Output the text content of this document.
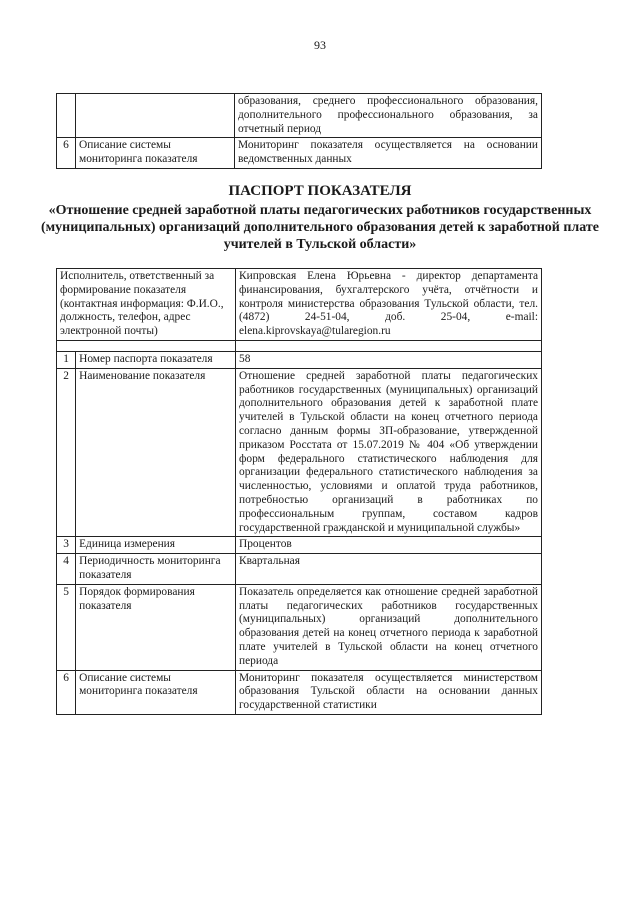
93
		образования, среднего профессионального образования, дополнительного профессионального образования, за отчетный период
6	Описание системы мониторинга показателя	Мониторинг показателя осуществляется на основании ведомственных данных
ПАСПОРТ ПОКАЗАТЕЛЯ
«Отношение средней заработной платы педагогических работников государственных (муниципальных) организаций дополнительного образования детей к заработной плате учителей в Тульской области»
Исполнитель, ответственный за формирование показателя (контактная информация: Ф.И.О., должность, телефон, адрес электронной почты)		Кипровская Елена Юрьевна - директор департамента финансирования, бухгалтерского учёта, отчётности и контроля министерства образования Тульской области, тел. (4872) 24-51-04, доб. 25-04, e-mail: elena.kiprovskaya@tularegion.ru

1	Номер паспорта показателя	58
2	Наименование показателя	Отношение средней заработной платы педагогических работников государственных (муниципальных) организаций дополнительного образования детей к заработной плате учителей в Тульской области на конец отчетного периода согласно данным формы ЗП-образование, утвержденной приказом Росстата от 15.07.2019 № 404 «Об утверждении форм федерального статистического наблюдения для организации федерального статистического наблюдения за численностью, условиями и оплатой труда работников, потребностью организаций в работниках по профессиональным группам, составом кадров государственной гражданской и муниципальной службы»
3	Единица измерения	Процентов
4	Периодичность мониторинга показателя	Квартальная
5	Порядок формирования показателя	Показатель определяется как отношение средней заработной платы педагогических работников государственных (муниципальных) организаций дополнительного образования детей на конец отчетного периода к заработной плате учителей в Тульской области на конец отчетного периода
6	Описание системы мониторинга показателя	Мониторинг показателя осуществляется министерством образования Тульской области на основании данных государственной статистики
